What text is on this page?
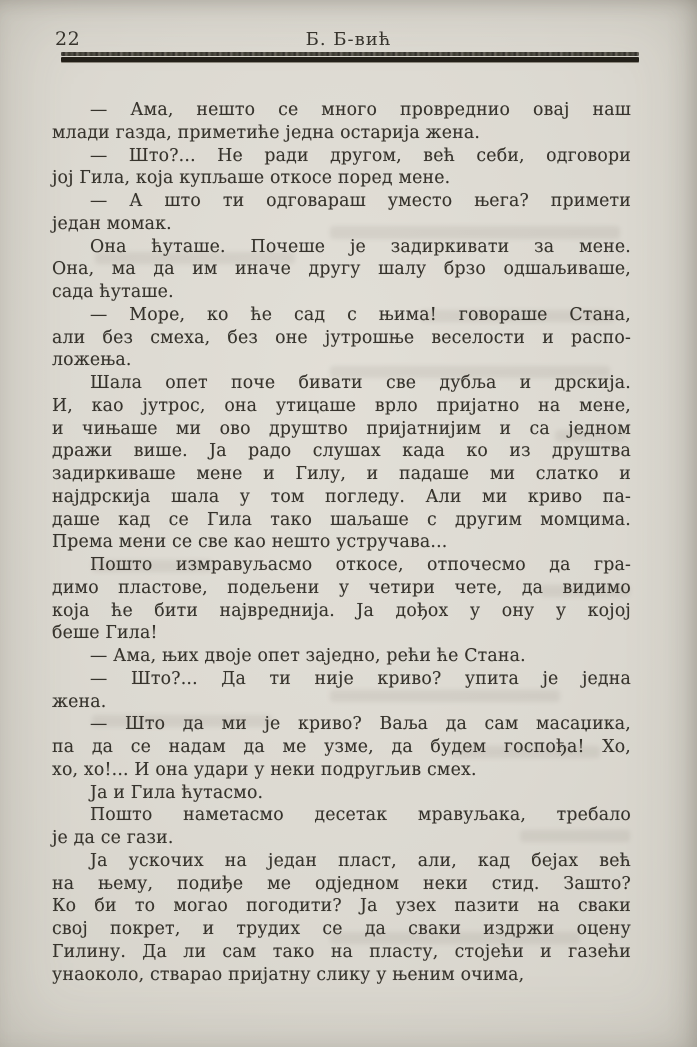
22	Б. Б-вић
— Ама, нешто се много провреднио овај наш
млади газда, приметиће једна остарија жена.
— Што?... Не ради другом, већ себи, одговори
јој Гила, која купљаше откосе поред мене.
— А што ти одговараш уместо њега? примети
један момак.
Она ћуташе. Почеше је задиркивати за мене.
Она, ма да им иначе другу шалу брзо одшаљиваше,
сада ћуташе.
— Море, ко ће сад с њима! говораше Стана,
али без смеха, без оне јутрошње веселости и распо-
ложења.
Шала опет поче бивати све дубља и дрскија.
И, као јутрос, она утицаше врло пријатно на мене,
и чињаше ми ово друштво пријатнијим и са једном
дражи више. Ја радо слушах када ко из друштва
задиркиваше мене и Гилу, и падаше ми слатко и
најдрскија шала у том погледу. Али ми криво па-
даше кад се Гила тако шаљаше с другим момцима.
Према мени се све као нешто устручава...
Пошто измравуљасмо откосе, отпочесмо да гра-
димо пластове, подељени у четири чете, да видимо
која ће бити највреднија. Ја дођох у ону у којој
беше Гила!
— Ама, њих двоје опет заједно, рећи ће Стана.
— Што?... Да ти није криво? упита је једна
жена.
— Што да ми је криво? Ваља да сам масаџика,
па да се надам да ме узме, да будем госпођа! Хо,
хо, хо!... И она удари у неки подругљив смех.
Ја и Гила ћутасмо.
Пошто наметасмо десетак мравуљака, требало
је да се гази.
Ја ускочих на један пласт, али, кад бејах већ
на њему, подиђе ме одједном неки стид. Зашто?
Ко би то могао погодити? Ја узех пазити на сваки
свој покрет, и трудих се да сваки издржи оцену
Гилину. Да ли сам тако на пласту, стојећи и газећи
унаоколо, стварао пријатну слику у њеним очима,
